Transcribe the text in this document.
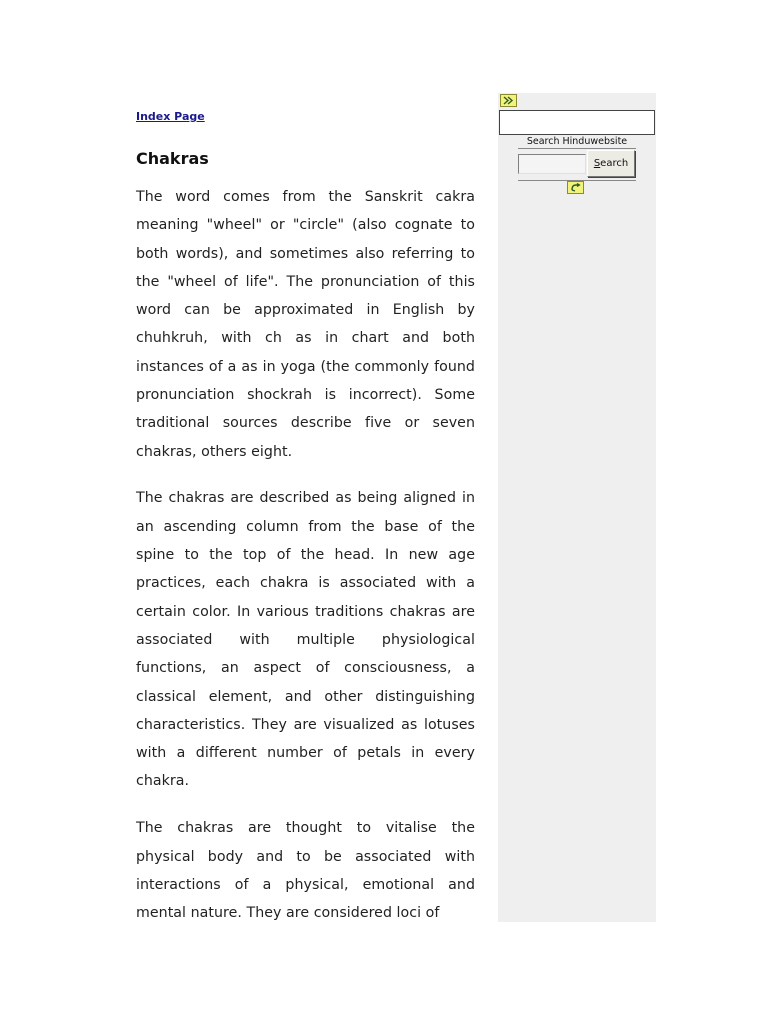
Index Page
Chakras

The word comes from the Sanskrit cakra meaning "wheel" or "circle" (also cognate to both words), and sometimes also referring to the "wheel of life". The pronunciation of this word can be approximated in English by chuhkruh, with ch as in chart and both instances of a as in yoga (the commonly found pronunciation shockrah is incorrect). Some traditional sources describe five or seven chakras, others eight.

The chakras are described as being aligned in an ascending column from the base of the spine to the top of the head. In new age practices, each chakra is associated with a certain color. In various traditions chakras are associated with multiple physiological functions, an aspect of consciousness, a classical element, and other distinguishing characteristics. They are visualized as lotuses with a different number of petals in every chakra.

The chakras are thought to vitalise the physical body and to be associated with interactions of a physical, emotional and mental nature. They are considered loci of

Search Hinduwebsite
Search
